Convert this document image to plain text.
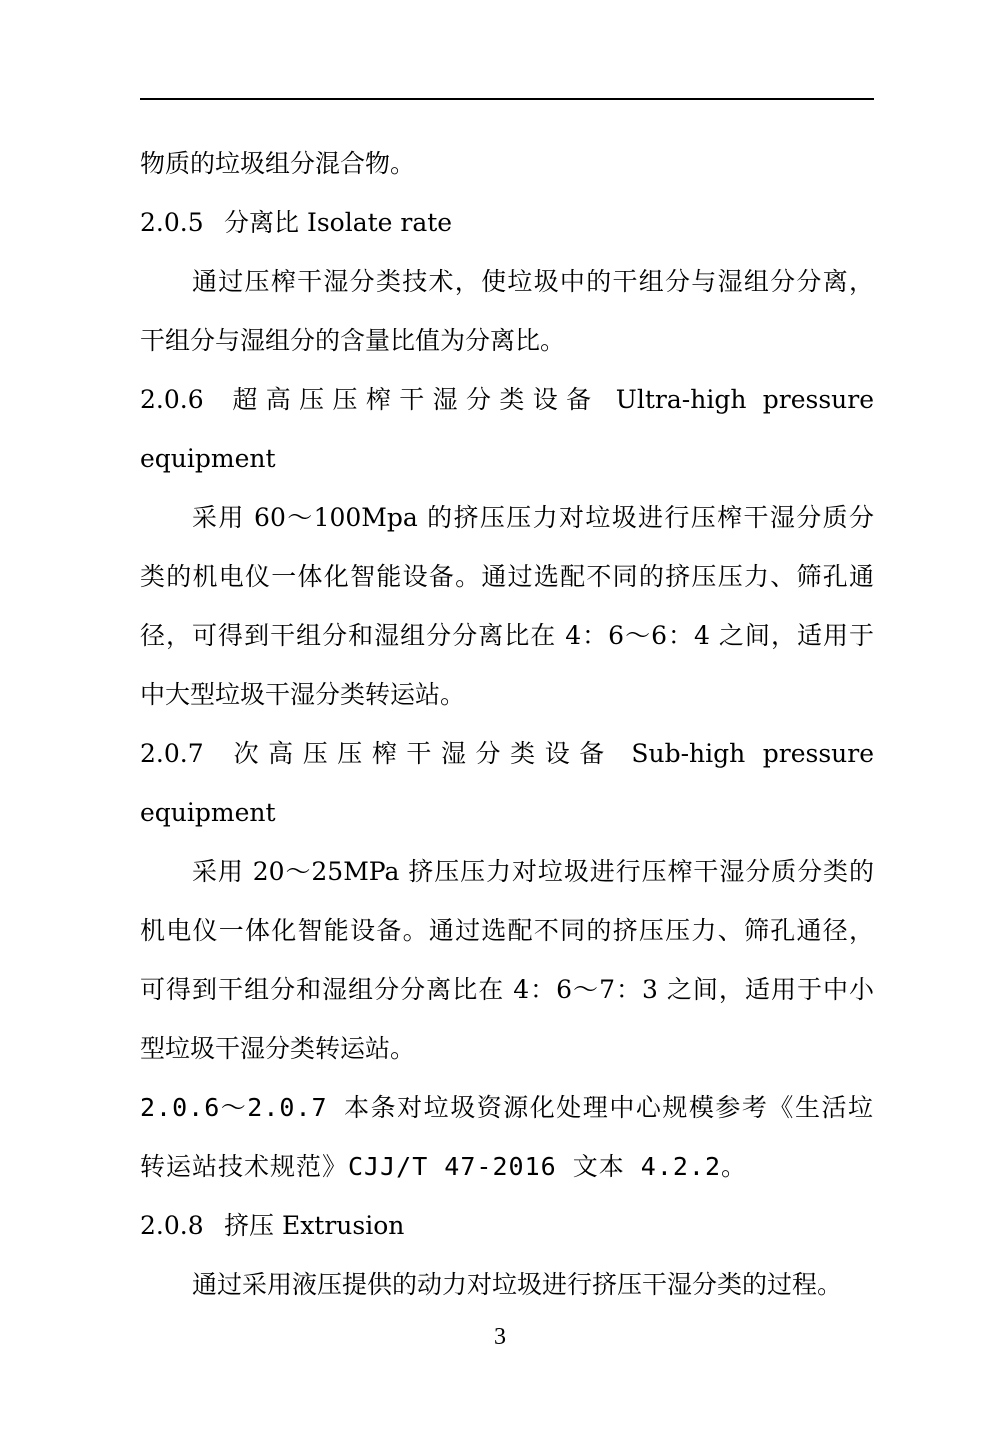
物质的垃圾组分混合物。
2.0.5 分离比 Isolate rate
通过压榨干湿分类技术，使垃圾中的干组分与湿组分分离，
干组分与湿组分的含量比值为分离比。
2.0.6 超高压压榨干湿分类设备 Ultra-high pressure
equipment
采用 60～100Mpa 的挤压压力对垃圾进行压榨干湿分质分
类的机电仪一体化智能设备。通过选配不同的挤压压力、筛孔通
径，可得到干组分和湿组分分离比在 4：6～6：4 之间，适用于
中大型垃圾干湿分类转运站。
2.0.7 次高压压榨干湿分类设备 Sub-high pressure
equipment
采用 20～25MPa 挤压压力对垃圾进行压榨干湿分质分类的
机电仪一体化智能设备。通过选配不同的挤压压力、筛孔通径，
可得到干组分和湿组分分离比在 4：6～7：3 之间，适用于中小
型垃圾干湿分类转运站。
2.0.6～2.0.7 本条对垃圾资源化处理中心规模参考《生活垃
转运站技术规范》CJJ/T 47-2016 文本 4.2.2。
2.0.8 挤压 Extrusion
通过采用液压提供的动力对垃圾进行挤压干湿分类的过程。
3
